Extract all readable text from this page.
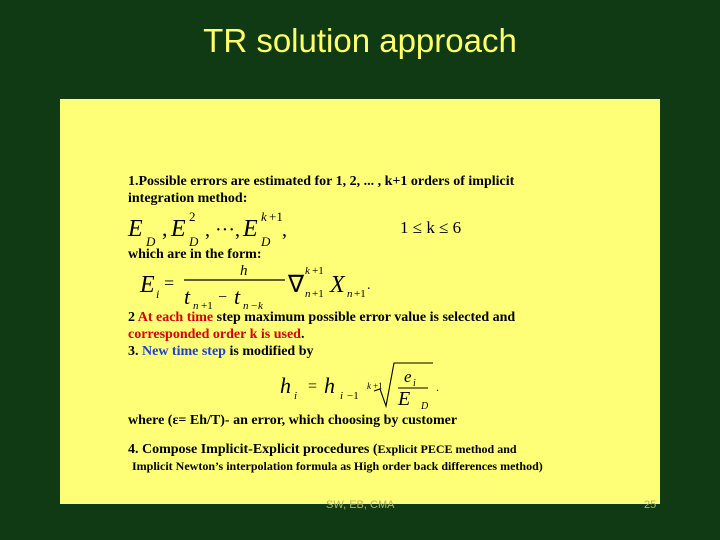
TR solution approach
1.Possible errors are estimated for 1, 2, ... , k+1 orders of implicit
integration method:
E D
, E 2
D
, ···, E k +1
D
,
E i
=
h
t n +1 − t n − k
∇
k +1
n +1 X n +1
.
h i
= h i −1
k +1 e i
E D
.
1 ≤ k ≤ 6
which are in the form:
2 At each time step maximum possible error value is selected and
corresponded order k is used.
3. New time step is modified by
where (ε= Eh/T)- an error, which choosing by customer
4. Compose Implicit-Explicit procedures (Explicit PECE method and
Implicit Newton’s interpolation formula as High order back differences method)
SW, EB, CMA	25
